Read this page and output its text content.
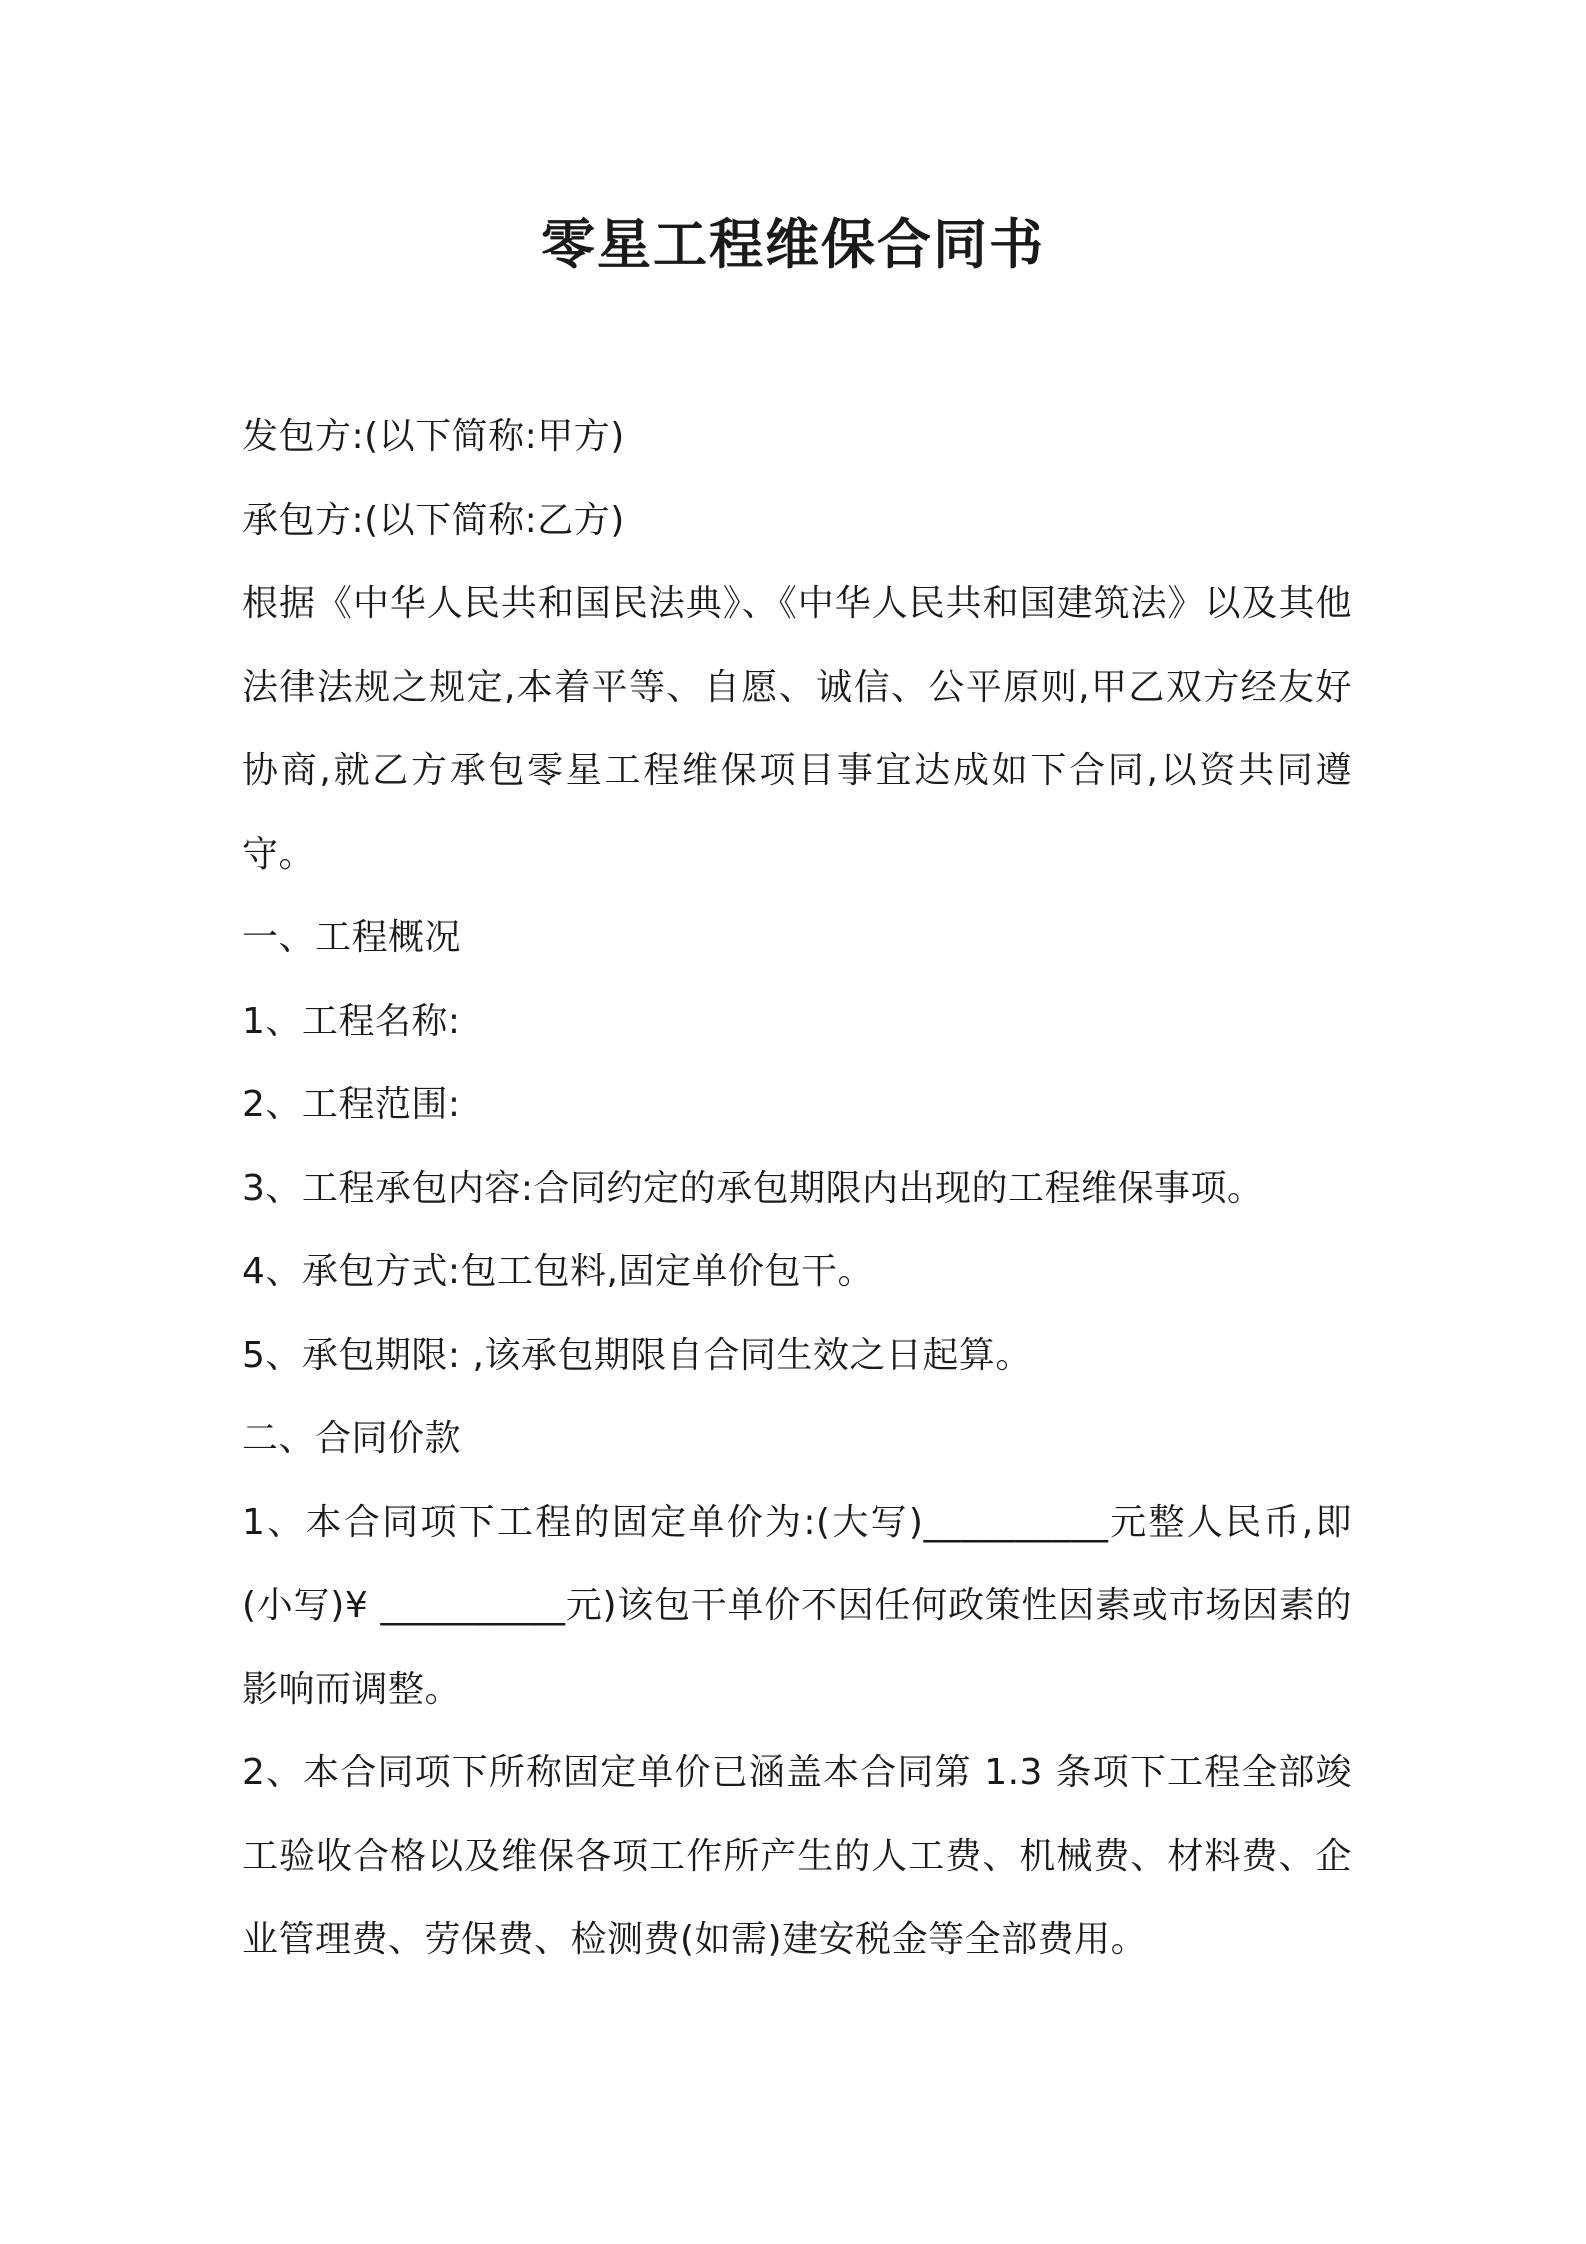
零星工程维保合同书

发包方:(以下简称:甲方)

承包方:(以下简称:乙方)

根据《中华人民共和国民法典》、《中华人民共和国建筑法》以及其他法律法规之规定,本着平等、自愿、诚信、公平原则,甲乙双方经友好协商,就乙方承包零星工程维保项目事宜达成如下合同,以资共同遵守。

一、工程概况

1、工程名称:

2、工程范围:

3、工程承包内容:合同约定的承包期限内出现的工程维保事项。

4、承包方式:包工包料,固定单价包干。

5、承包期限: ,该承包期限自合同生效之日起算。

二、合同价款

1、本合同项下工程的固定单价为:(大写)__________元整人民币,即(小写)¥ __________元)该包干单价不因任何政策性因素或市场因素的影响而调整。

2、本合同项下所称固定单价已涵盖本合同第 1.3 条项下工程全部竣工验收合格以及维保各项工作所产生的人工费、机械费、材料费、企业管理费、劳保费、检测费(如需)建安税金等全部费用。
